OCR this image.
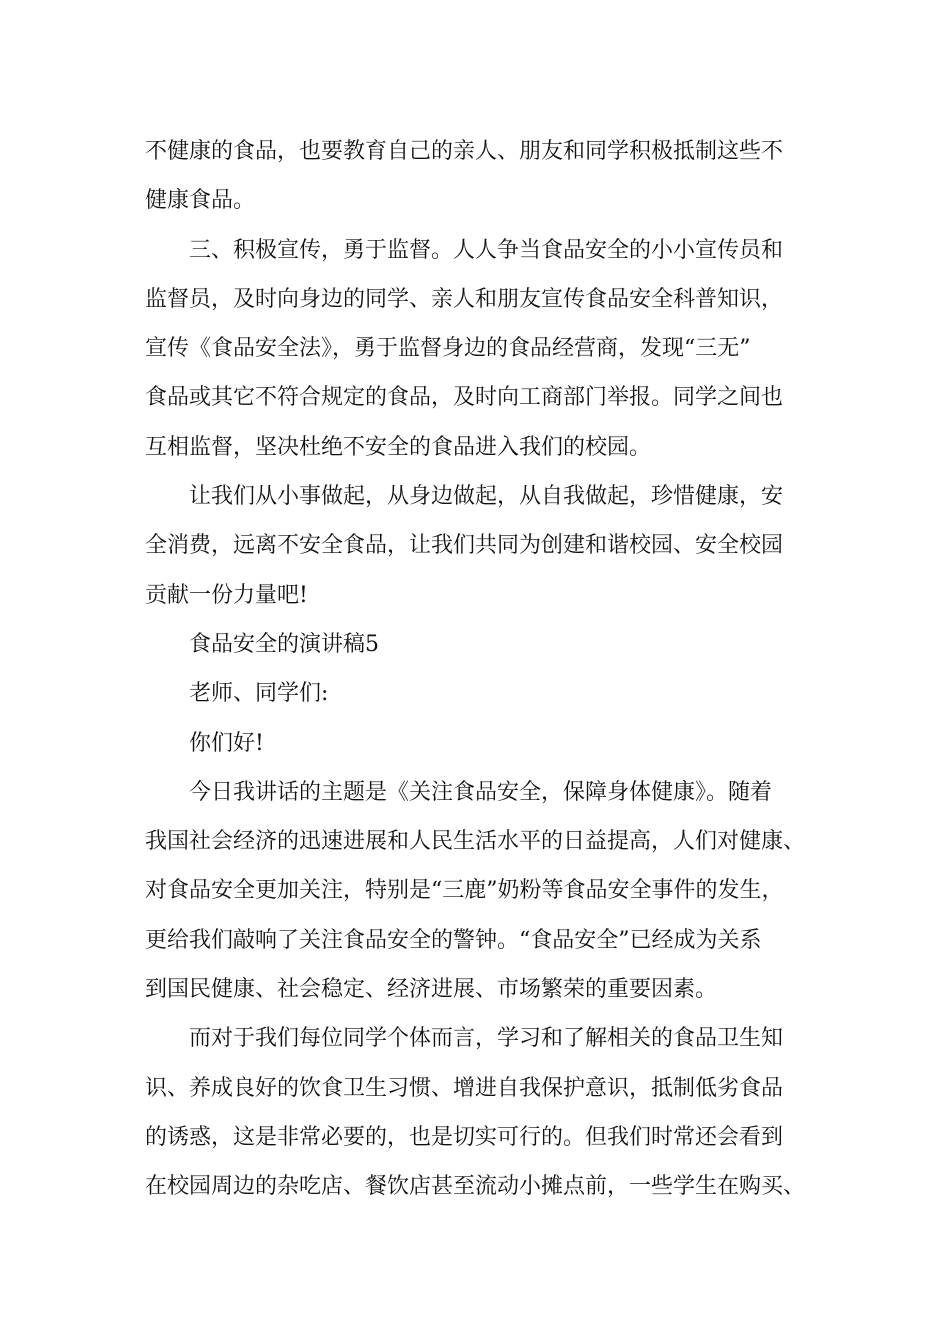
不健康的食品，也要教育自己的亲人、朋友和同学积极抵制这些不
健康食品。
三、积极宣传，勇于监督。人人争当食品安全的小小宣传员和
监督员，及时向身边的同学、亲人和朋友宣传食品安全科普知识，
宣传《食品安全法》，勇于监督身边的食品经营商，发现“三无”
食品或其它不符合规定的食品，及时向工商部门举报。同学之间也
互相监督，坚决杜绝不安全的食品进入我们的校园。
让我们从小事做起，从身边做起，从自我做起，珍惜健康，安
全消费，远离不安全食品，让我们共同为创建和谐校园、安全校园
贡献一份力量吧!
食品安全的演讲稿5
老师、同学们:
你们好!
今日我讲话的主题是《关注食品安全，保障身体健康》。随着
我国社会经济的迅速进展和人民生活水平的日益提高，人们对健康、
对食品安全更加关注，特别是“三鹿”奶粉等食品安全事件的发生，
更给我们敲响了关注食品安全的警钟。“食品安全”已经成为关系
到国民健康、社会稳定、经济进展、市场繁荣的重要因素。
而对于我们每位同学个体而言，学习和了解相关的食品卫生知
识、养成良好的饮食卫生习惯、增进自我保护意识，抵制低劣食品
的诱惑，这是非常必要的，也是切实可行的。但我们时常还会看到
在校园周边的杂吃店、餐饮店甚至流动小摊点前，一些学生在购买、
